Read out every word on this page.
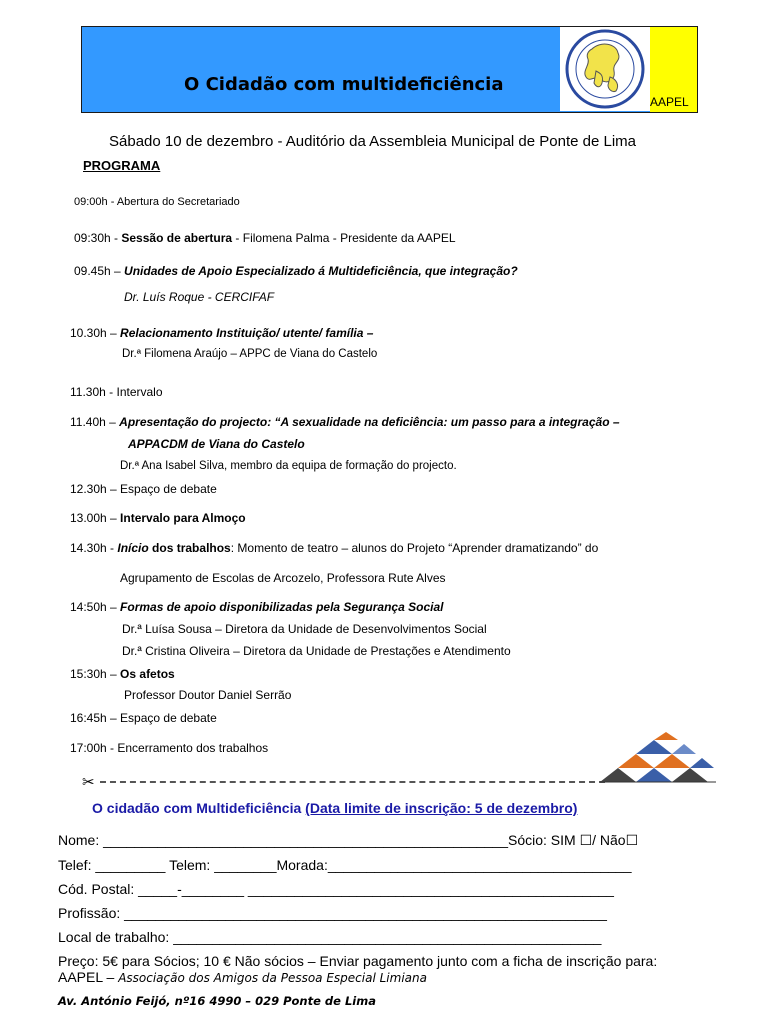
O Cidadão com multideficiência
AAPEL
Sábado 10 de dezembro - Auditório da Assembleia Municipal de Ponte de Lima
PROGRAMA
09:00h - Abertura do Secretariado
09:30h - Sessão de abertura - Filomena Palma - Presidente da AAPEL
09.45h – Unidades de Apoio Especializado á Multideficiência, que integração?
Dr. Luís Roque - CERCIFAF
10.30h – Relacionamento Instituição/ utente/ família –
Dr.ª Filomena Araújo – APPC de Viana do Castelo
11.30h - Intervalo
11.40h – Apresentação do projecto: “A sexualidade na deficiência: um passo para a integração –
APPACDM de Viana do Castelo
Dr.ª Ana Isabel Silva, membro da equipa de formação do projecto.
12.30h – Espaço de debate
13.00h – Intervalo para Almoço
14.30h - Início dos trabalhos: Momento de teatro – alunos do Projeto “Aprender dramatizando” do
Agrupamento de Escolas de Arcozelo, Professora Rute Alves
14:50h – Formas de apoio disponibilizadas pela Segurança Social
Dr.ª Luísa Sousa – Diretora da Unidade de Desenvolvimentos Social
Dr.ª Cristina Oliveira – Diretora da Unidade de Prestações e Atendimento
15:30h – Os afetos
Professor Doutor Daniel Serrão
16:45h – Espaço de debate
17:00h - Encerramento dos trabalhos
✂
O cidadão com Multideficiência (Data limite de inscrição: 5 de dezembro)
Nome: ____________________________________________________Sócio: SIM ☐/ Não☐
Telef: _________ Telem: ________Morada:_______________________________________
Cód. Postal: _____-________ _______________________________________________
Profissão: ______________________________________________________________
Local de trabalho: _______________________________________________________
Preço: 5€ para Sócios; 10 € Não sócios – Enviar pagamento junto com a ficha de inscrição para:
AAPEL – Associação dos Amigos da Pessoa Especial Limiana
Av. António Feijó, nº16 4990 – 029 Ponte de Lima
